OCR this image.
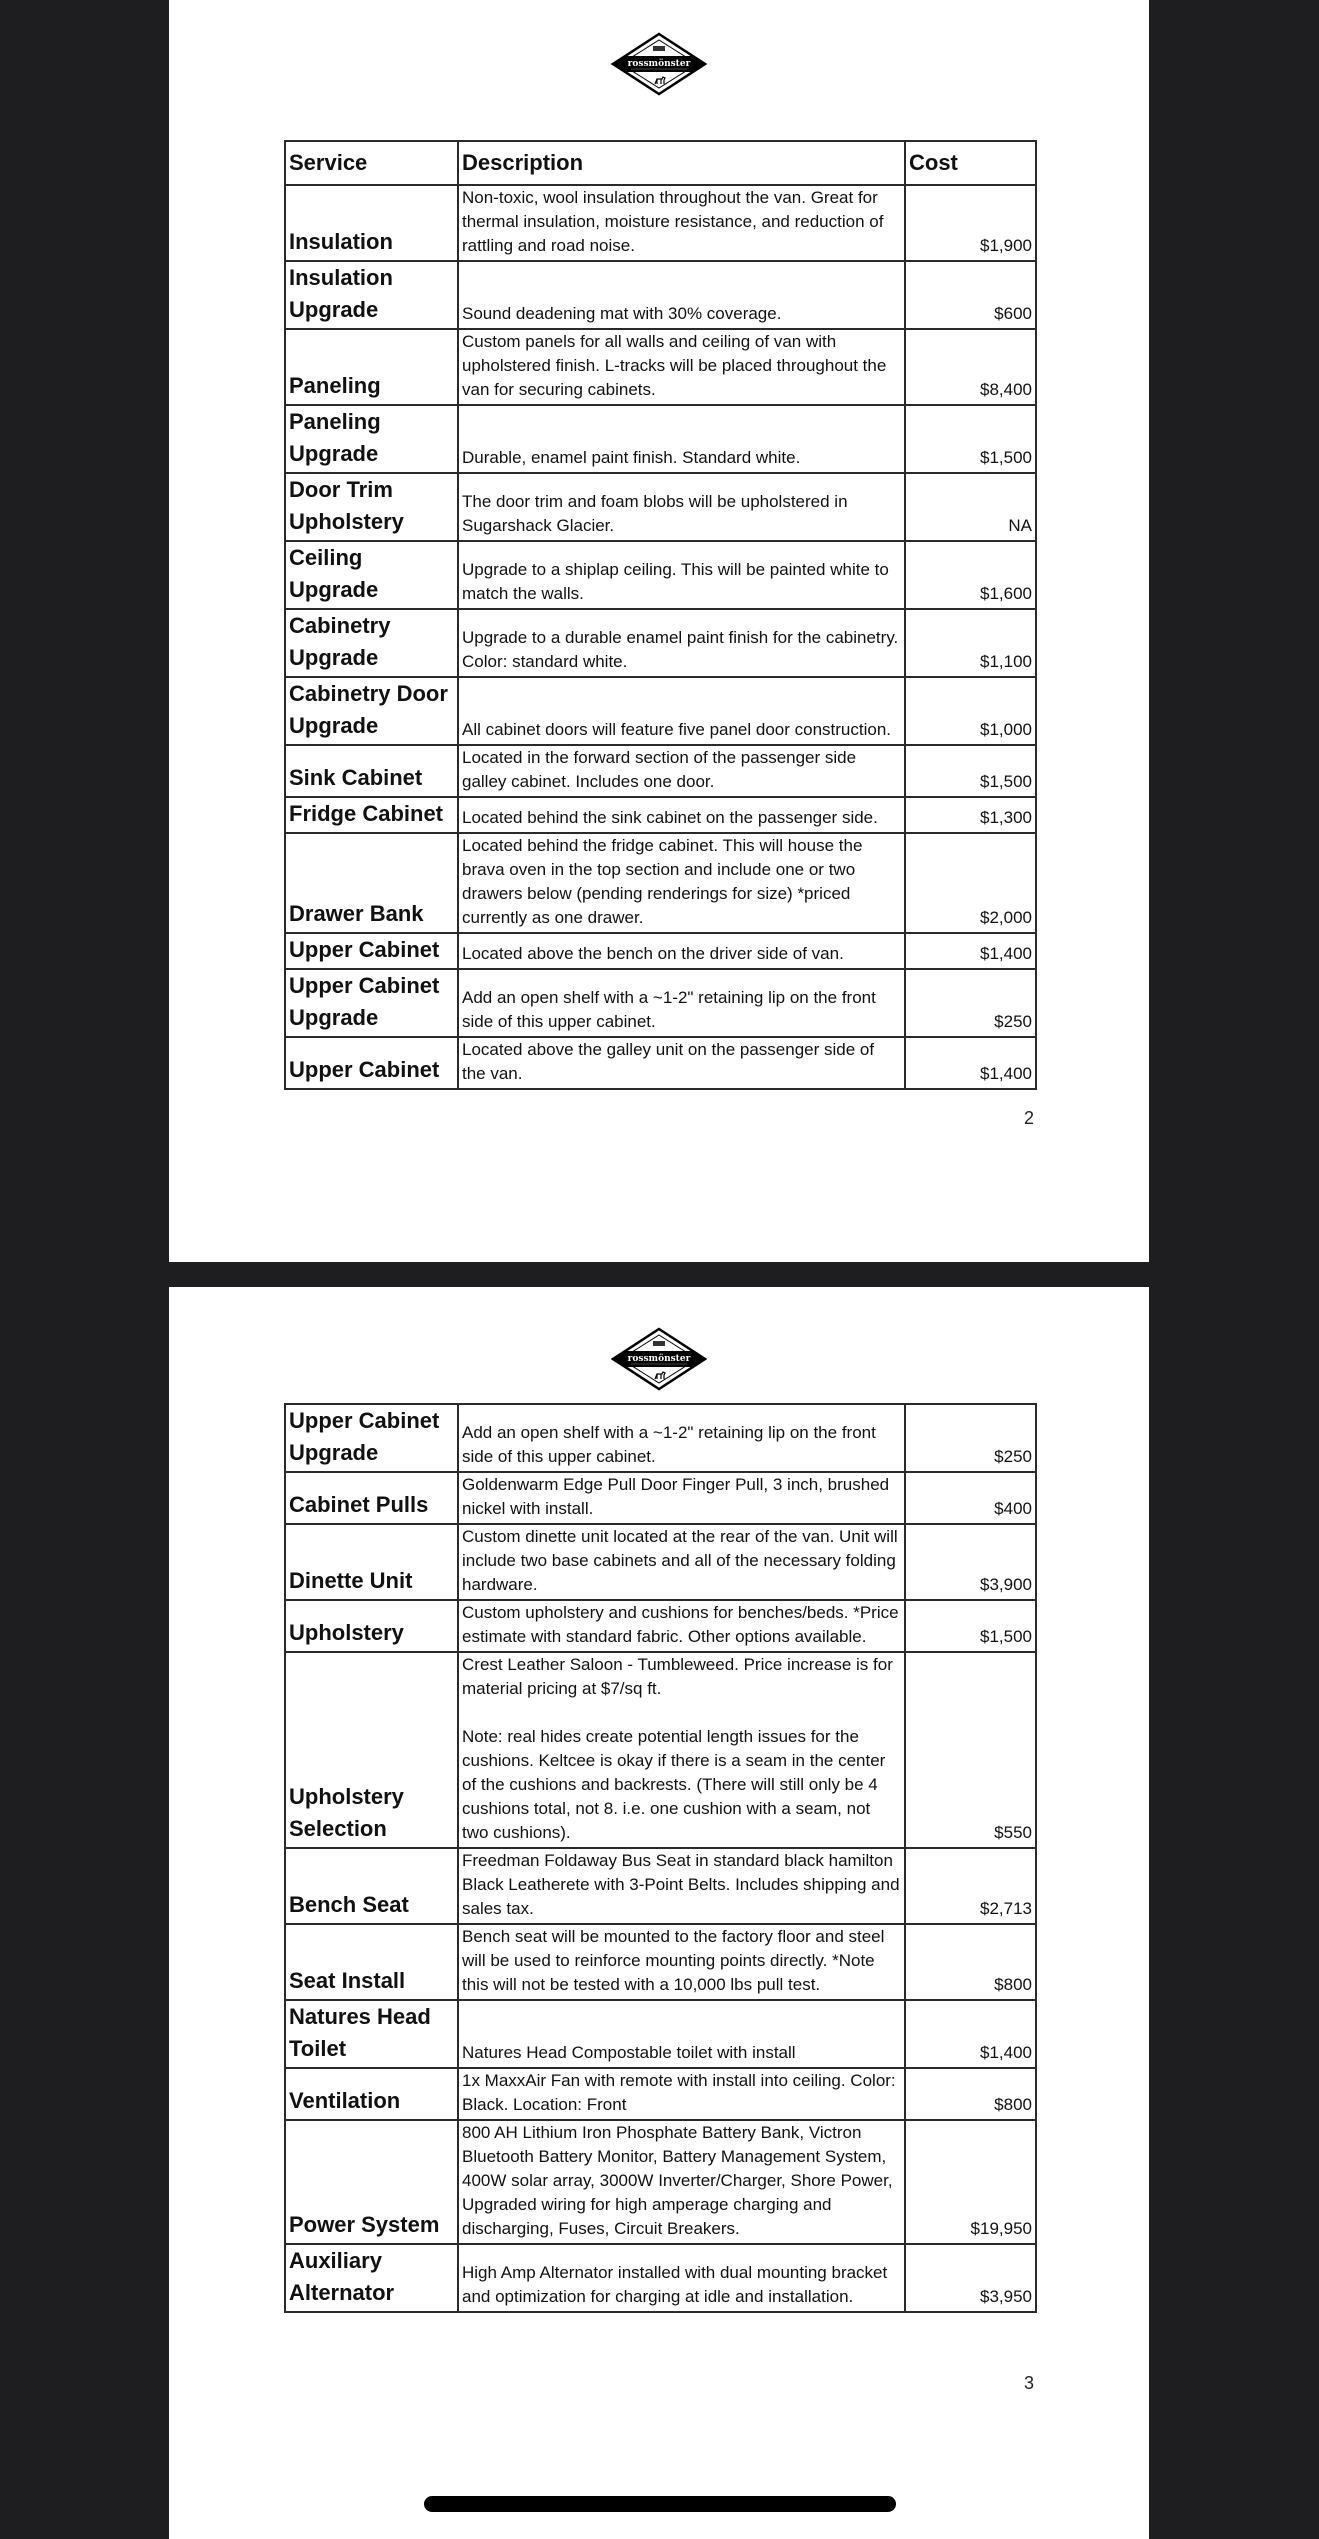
rossmönster
Service	Description	Cost
Insulation	Non-toxic, wool insulation throughout the van. Great for thermal insulation, moisture resistance, and reduction of rattling and road noise.	$1,900
Insulation Upgrade	Sound deadening mat with 30% coverage.	$600
Paneling	Custom panels for all walls and ceiling of van with upholstered finish. L-tracks will be placed throughout the van for securing cabinets.	$8,400
Paneling Upgrade	Durable, enamel paint finish. Standard white.	$1,500
Door Trim Upholstery	The door trim and foam blobs will be upholstered in Sugarshack Glacier.	NA
Ceiling Upgrade	Upgrade to a shiplap ceiling. This will be painted white to match the walls.	$1,600
Cabinetry Upgrade	Upgrade to a durable enamel paint finish for the cabinetry. Color: standard white.	$1,100
Cabinetry Door Upgrade	All cabinet doors will feature five panel door construction.	$1,000
Sink Cabinet	Located in the forward section of the passenger side galley cabinet. Includes one door.	$1,500
Fridge Cabinet	Located behind the sink cabinet on the passenger side.	$1,300
Drawer Bank	Located behind the fridge cabinet. This will house the brava oven in the top section and include one or two drawers below (pending renderings for size) *priced currently as one drawer.	$2,000
Upper Cabinet	Located above the bench on the driver side of van.	$1,400
Upper Cabinet Upgrade	Add an open shelf with a ~1-2" retaining lip on the front side of this upper cabinet.	$250
Upper Cabinet	Located above the galley unit on the passenger side of the van.	$1,400
2
rossmönster
Upper Cabinet Upgrade	Add an open shelf with a ~1-2" retaining lip on the front side of this upper cabinet.	$250
Cabinet Pulls	Goldenwarm Edge Pull Door Finger Pull, 3 inch, brushed nickel with install.	$400
Dinette Unit	Custom dinette unit located at the rear of the van. Unit will include two base cabinets and all of the necessary folding hardware.	$3,900
Upholstery	Custom upholstery and cushions for benches/beds. *Price estimate with standard fabric. Other options available.	$1,500
Upholstery Selection	Crest Leather Saloon - Tumbleweed. Price increase is for material pricing at $7/sq ft.

Note: real hides create potential length issues for the cushions. Keltcee is okay if there is a seam in the center of the cushions and backrests. (There will still only be 4 cushions total, not 8. i.e. one cushion with a seam, not two cushions).	$550
Bench Seat	Freedman Foldaway Bus Seat in standard black hamilton Black Leatherete with 3-Point Belts. Includes shipping and sales tax.	$2,713
Seat Install	Bench seat will be mounted to the factory floor and steel will be used to reinforce mounting points directly. *Note this will not be tested with a 10,000 lbs pull test.	$800
Natures Head Toilet	Natures Head Compostable toilet with install	$1,400
Ventilation	1x MaxxAir Fan with remote with install into ceiling. Color: Black. Location: Front	$800
Power System	800 AH Lithium Iron Phosphate Battery Bank, Victron Bluetooth Battery Monitor, Battery Management System, 400W solar array, 3000W Inverter/Charger, Shore Power, Upgraded wiring for high amperage charging and discharging, Fuses, Circuit Breakers.	$19,950
Auxiliary Alternator	High Amp Alternator installed with dual mounting bracket and optimization for charging at idle and installation.	$3,950
3
